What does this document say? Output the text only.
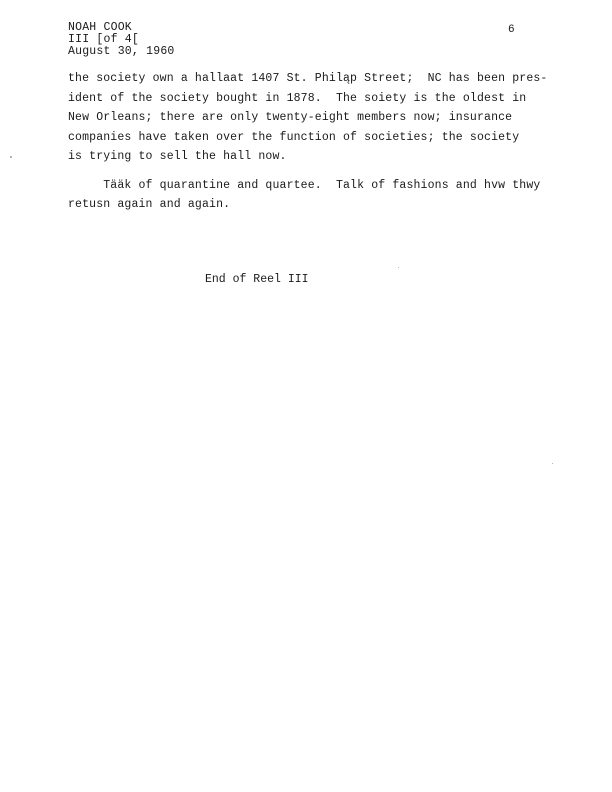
NOAH COOK
III [of 4[
August 30, 1960
6
the society own a hallaat 1407 St. Philąp Street;  NC has been pres-
ident of the society bought in 1878.  The soiety is the oldest in
New Orleans; there are only twenty-eight members now; insurance
companies have taken over the function of societies; the society
is trying to sell the hall now.
Tääk of quarantine and quartee.  Talk of fashions and hvw thwy
retusn again and again.
End of Reel III
